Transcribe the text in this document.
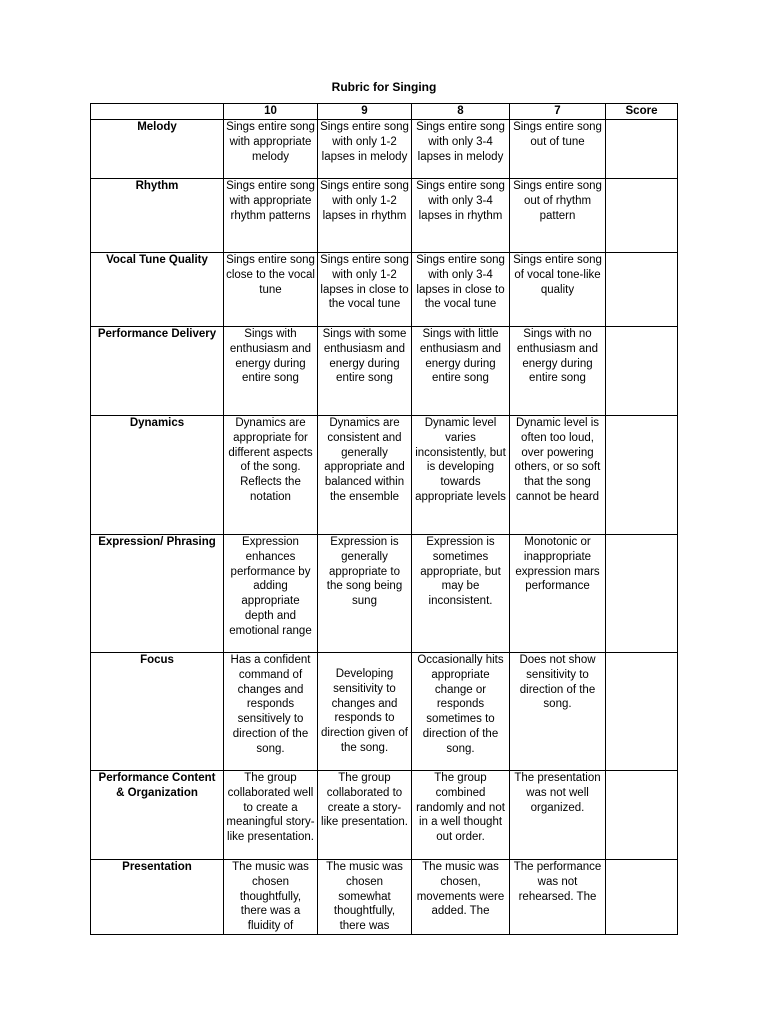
Rubric for Singing
	10	9	8	7	Score
Melody	Sings entire song with appropriate melody	Sings entire song with only 1-2 lapses in melody	Sings entire song with only 3-4 lapses in melody	Sings entire song out of tune	
Rhythm	Sings entire song with appropriate rhythm patterns	Sings entire song with only 1-2 lapses in rhythm	Sings entire song with only 3-4 lapses in rhythm	Sings entire song out of rhythm pattern	
Vocal Tune Quality	Sings entire song close to the vocal tune	Sings entire song with only 1-2 lapses in close to the vocal tune	Sings entire song with only 3-4 lapses in close to the vocal tune	Sings entire song of vocal tone-like quality	
Performance Delivery	Sings with enthusiasm and energy during entire song	Sings with some enthusiasm and energy during entire song	Sings with little enthusiasm and energy during entire song	Sings with no enthusiasm and energy during entire song	
Dynamics	Dynamics are appropriate for different aspects of the song. Reflects the notation	Dynamics are consistent and generally appropriate and balanced within the ensemble	Dynamic level varies inconsistently, but is developing towards appropriate levels	Dynamic level is often too loud, over powering others, or so soft that the song cannot be heard	
Expression/ Phrasing	Expression enhances performance by adding appropriate depth and emotional range	Expression is generally appropriate to the song being sung	Expression is sometimes appropriate, but may be inconsistent.	Monotonic or inappropriate expression mars performance	
Focus	Has a confident command of changes and responds sensitively to direction of the song.	Developing sensitivity to changes and responds to direction given of the song.	Occasionally hits appropriate change or responds sometimes to direction of the song.	Does not show sensitivity to direction of the song.	
Performance Content & Organization	The group collaborated well to create a meaningful story-like presentation.	The group collaborated to create a story-like presentation.	The group combined randomly and not in a well thought out order.	The presentation was not well organized.	
Presentation	The music was chosen thoughtfully, there was a fluidity of	The music was chosen somewhat thoughtfully, there was	The music was chosen, movements were added. The	The performance was not rehearsed. The	
